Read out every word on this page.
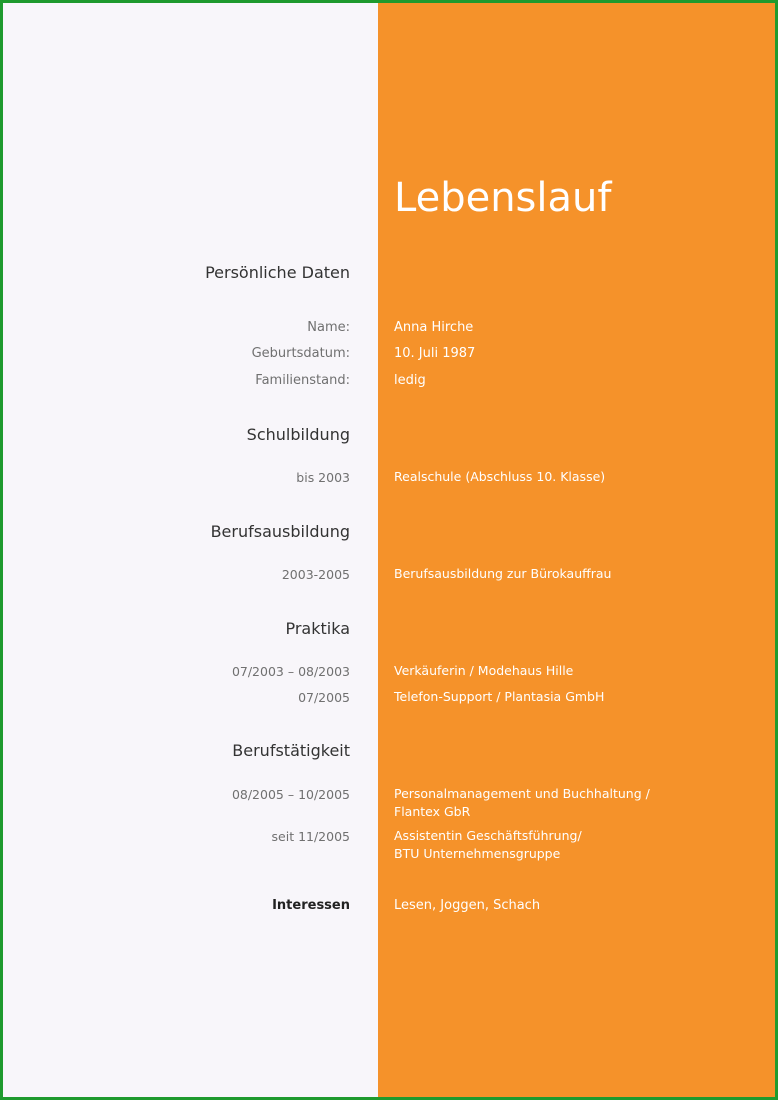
Lebenslauf
Persönliche Daten
Name:	Anna Hirche
Geburtsdatum:	10. Juli 1987
Familienstand:	ledig
Schulbildung
bis 2003	Realschule (Abschluss 10. Klasse)
Berufsausbildung
2003-2005	Berufsausbildung zur Bürokauffrau
Praktika
07/2003 – 08/2003	Verkäuferin / Modehaus Hille
07/2005	Telefon-Support / Plantasia GmbH
Berufstätigkeit
08/2005 – 10/2005	Personalmanagement und Buchhaltung /
Flantex GbR
seit 11/2005	Assistentin Geschäftsführung/
BTU Unternehmensgruppe
Interessen	Lesen, Joggen, Schach
